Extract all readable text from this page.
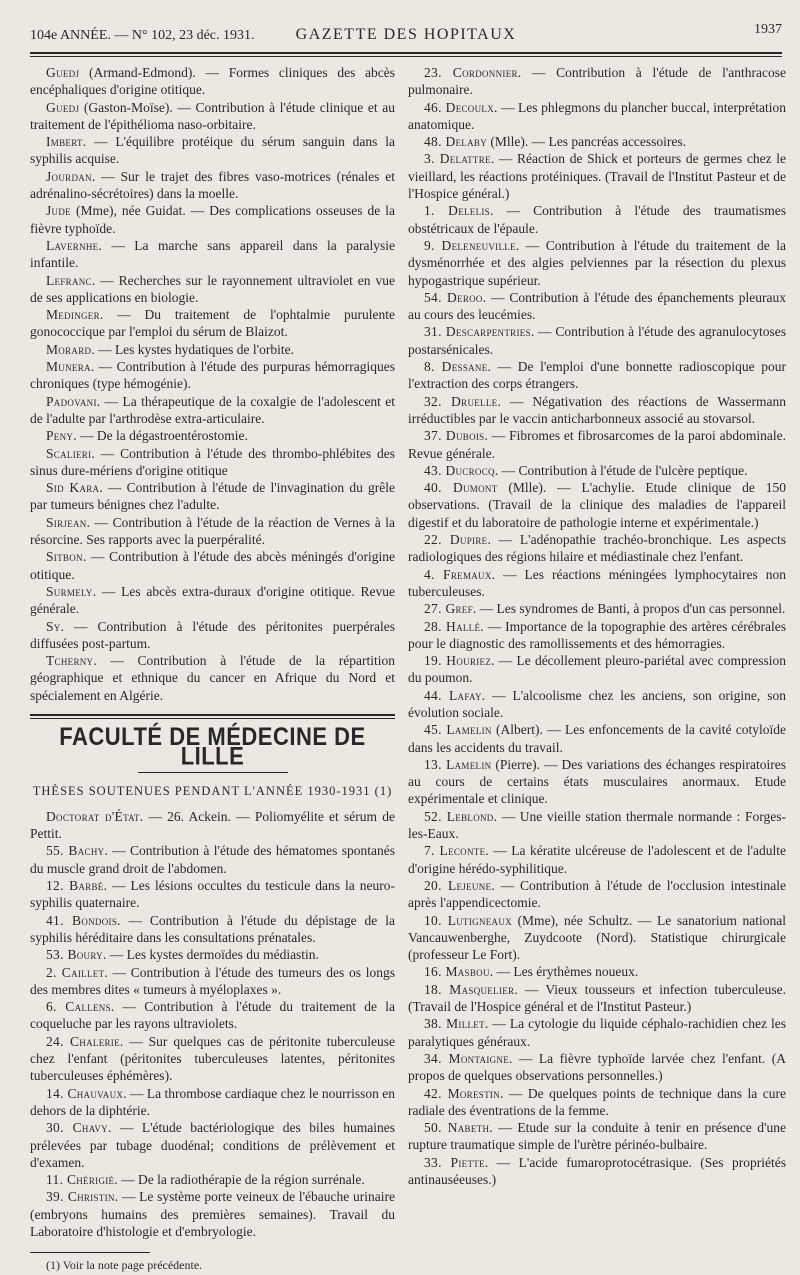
104e ANNÉE. — N° 102, 23 déc. 1931.	GAZETTE DES HOPITAUX	1937

Guedj (Armand-Edmond). — Formes cliniques des abcès encéphaliques d'origine otitique.

Guedj (Gaston-Moïse). — Contribution à l'étude clinique et au traitement de l'épithélioma naso-orbitaire.

Imbert. — L'équilibre protéique du sérum sanguin dans la syphilis acquise.

Jourdan. — Sur le trajet des fibres vaso-motrices (rénales et adrénalino-sécrétoires) dans la moelle.

Jude (Mme), née Guidat. — Des complications osseuses de la fièvre typhoïde.

Lavernhe. — La marche sans appareil dans la paralysie infantile.

Lefranc. — Recherches sur le rayonnement ultraviolet en vue de ses applications en biologie.

Medinger. — Du traitement de l'ophtalmie purulente gonococcique par l'emploi du sérum de Blaizot.

Morard. — Les kystes hydatiques de l'orbite.

Munera. — Contribution à l'étude des purpuras hémorragiques chroniques (type hémogénie).

Padovani. — La thérapeutique de la coxalgie de l'adolescent et de l'adulte par l'arthrodèse extra-articulaire.

Peny. — De la dégastroentérostomie.

Scalieri. — Contribution à l'étude des thrombo-phlébites des sinus dure-mériens d'origine otitique

Sid Kara. — Contribution à l'étude de l'invagination du grêle par tumeurs bénignes chez l'adulte.

Sirjean. — Contribution à l'étude de la réaction de Vernes à la résorcine. Ses rapports avec la puerpéralité.

Sitbon. — Contribution à l'étude des abcès méningés d'origine otitique.

Surmely. — Les abcès extra-duraux d'origine otitique. Revue générale.

Sy. — Contribution à l'étude des péritonites puerpérales diffusées post-partum.

Tcherny. — Contribution à l'étude de la répartition géographique et ethnique du cancer en Afrique du Nord et spécialement en Algérie.

FACULTÉ DE MÉDECINE DE LILLE
THÈSES SOUTENUES PENDANT L'ANNÉE 1930-1931 (1)

Doctorat d'État. — 26. Ackein. — Poliomyélite et sérum de Pettit.

55. Bachy. — Contribution à l'étude des hématomes spontanés du muscle grand droit de l'abdomen.

12. Barbé. — Les lésions occultes du testicule dans la neuro-syphilis quaternaire.

41. Bondois. — Contribution à l'étude du dépistage de la syphilis héréditaire dans les consultations prénatales.

53. Boury. — Les kystes dermoïdes du médiastin.

2. Caillet. — Contribution à l'étude des tumeurs des os longs des membres dites « tumeurs à myéloplaxes ».

6. Callens. — Contribution à l'étude du traitement de la coqueluche par les rayons ultraviolets.

24. Chalerie. — Sur quelques cas de péritonite tuberculeuse chez l'enfant (péritonites tuberculeuses latentes, péritonites tuberculeuses éphémères).

14. Chauvaux. — La thrombose cardiaque chez le nourrisson en dehors de la diphtérie.

30. Chavy. — L'étude bactériologique des biles humaines prélevées par tubage duodénal; conditions de prélèvement et d'examen.

11. Chérigié. — De la radiothérapie de la région surrénale.

39. Christin. — Le système porte veineux de l'ébauche urinaire (embryons humains des premières semaines). Travail du Laboratoire d'histologie et d'embryologie.

(1) Voir la note page précédente.

23. Cordonnier. — Contribution à l'étude de l'anthracose pulmonaire.

46. Decoulx. — Les phlegmons du plancher buccal, interprétation anatomique.

48. Delaby (Mlle). — Les pancréas accessoires.

3. Delattre. — Réaction de Shick et porteurs de germes chez le vieillard, les réactions protéiniques. (Travail de l'Institut Pasteur et de l'Hospice général.)

1. Delelis. — Contribution à l'étude des traumatismes obstétricaux de l'épaule.

9. Deleneuville. — Contribution à l'étude du traitement de la dysménorrhée et des algies pelviennes par la résection du plexus hypogastrique supérieur.

54. Deroo. — Contribution à l'étude des épanchements pleuraux au cours des leucémies.

31. Descarpentries. — Contribution à l'étude des agranulocytoses postarsénicales.

8. Dessane. — De l'emploi d'une bonnette radioscopique pour l'extraction des corps étrangers.

32. Druelle. — Négativation des réactions de Wassermann irréductibles par le vaccin anticharbonneux associé au stovarsol.

37. Dubois. — Fibromes et fibrosarcomes de la paroi abdominale. Revue générale.

43. Ducrocq. — Contribution à l'étude de l'ulcère peptique.

40. Dumont (Mlle). — L'achylie. Etude clinique de 150 observations. (Travail de la clinique des maladies de l'appareil digestif et du laboratoire de pathologie interne et expérimentale.)

22. Dupire. — L'adénopathie trachéo-bronchique. Les aspects radiologiques des régions hilaire et médiastinale chez l'enfant.

4. Fremaux. — Les réactions méningées lymphocytaires non tuberculeuses.

27. Gref. — Les syndromes de Banti, à propos d'un cas personnel.

28. Hallé. — Importance de la topographie des artères cérébrales pour le diagnostic des ramollissements et des hémorragies.

19. Houriez. — Le décollement pleuro-pariétal avec compression du poumon.

44. Lafay. — L'alcoolisme chez les anciens, son origine, son évolution sociale.

45. Lamelin (Albert). — Les enfoncements de la cavité cotyloïde dans les accidents du travail.

13. Lamelin (Pierre). — Des variations des échanges respiratoires au cours de certains états musculaires anormaux. Etude expérimentale et clinique.

52. Leblond. — Une vieille station thermale normande : Forges-les-Eaux.

7. Leconte. — La kératite ulcéreuse de l'adolescent et de l'adulte d'origine hérédo-syphilitique.

20. Lejeune. — Contribution à l'étude de l'occlusion intestinale après l'appendicectomie.

10. Lutigneaux (Mme), née Schultz. — Le sanatorium national Vancauwenberghe, Zuydcoote (Nord). Statistique chirurgicale (professeur Le Fort).

16. Masbou. — Les érythèmes noueux.

18. Masquelier. — Vieux tousseurs et infection tuberculeuse. (Travail de l'Hospice général et de l'Institut Pasteur.)

38. Millet. — La cytologie du liquide céphalo-rachidien chez les paralytiques généraux.

34. Montaigne. — La fièvre typhoïde larvée chez l'enfant. (A propos de quelques observations personnelles.)

42. Morestin. — De quelques points de technique dans la cure radiale des éventrations de la femme.

50. Nabeth. — Etude sur la conduite à tenir en présence d'une rupture traumatique simple de l'urètre périnéo-bulbaire.

33. Piette. — L'acide fumaroprotocétrasique. (Ses propriétés antinauséeuses.)
